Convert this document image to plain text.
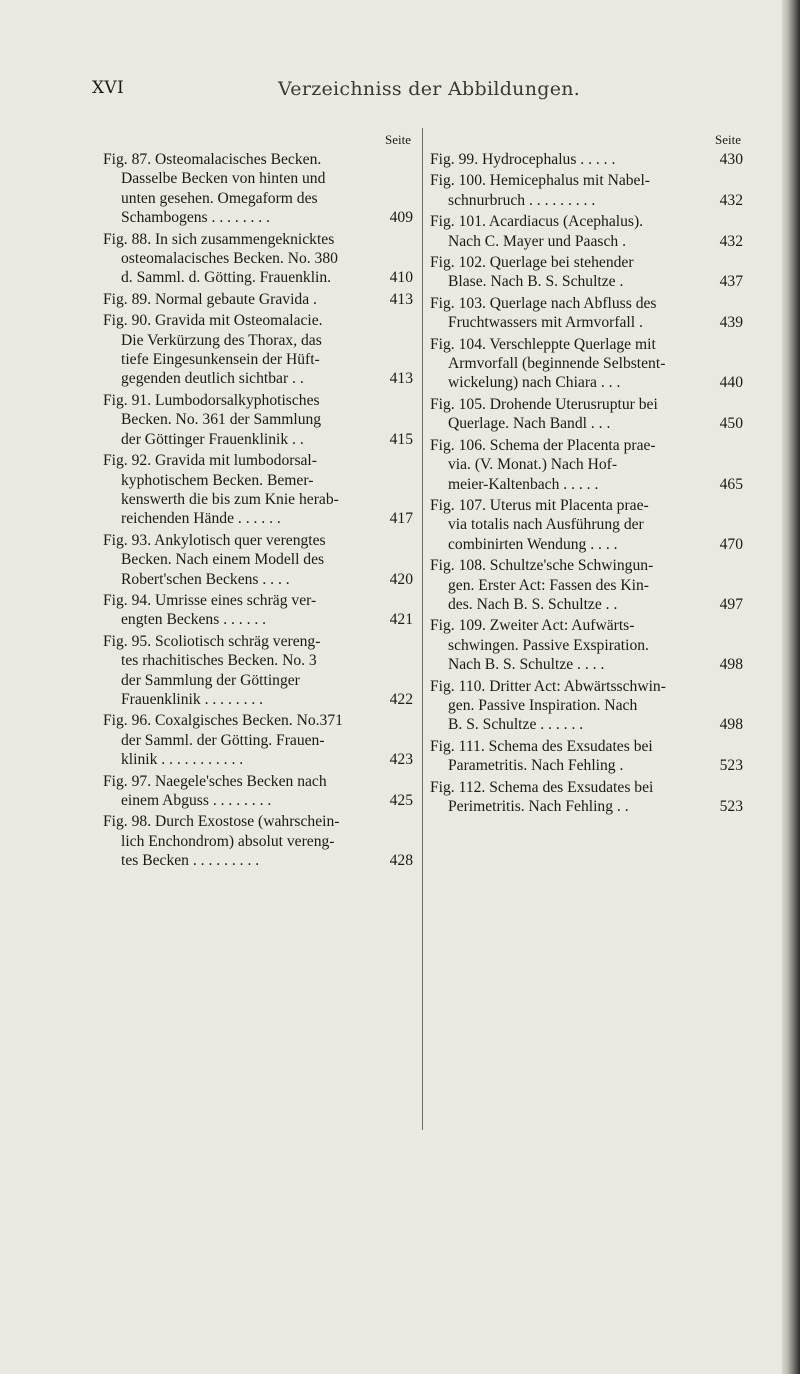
XVI	Verzeichniss der Abbildungen.
Seite
Fig. 87. Osteomalacisches Becken.
Dasselbe Becken von hinten und
unten gesehen. Omegaform des
Schambogens . . . . . . . .	409
Fig. 88. In sich zusammengeknicktes
osteomalacisches Becken. No. 380
d. Samml. d. Götting. Frauenklin.	410
Fig. 89. Normal gebaute Gravida .	413
Fig. 90. Gravida mit Osteomalacie.
Die Verkürzung des Thorax, das
tiefe Eingesunkensein der Hüft-
gegenden deutlich sichtbar . .	413
Fig. 91. Lumbodorsalkyphotisches
Becken. No. 361 der Sammlung
der Göttinger Frauenklinik . .	415
Fig. 92. Gravida mit lumbodorsal-
kyphotischem Becken. Bemer-
kenswerth die bis zum Knie herab-
reichenden Hände . . . . . .	417
Fig. 93. Ankylotisch quer verengtes
Becken. Nach einem Modell des
Robert'schen Beckens . . . .	420
Fig. 94. Umrisse eines schräg ver-
engten Beckens . . . . . .	421
Fig. 95. Scoliotisch schräg vereng-
tes rhachitisches Becken. No. 3
der Sammlung der Göttinger
Frauenklinik . . . . . . . .	422
Fig. 96. Coxalgisches Becken. No.371
der Samml. der Götting. Frauen-
klinik . . . . . . . . . . .	423
Fig. 97. Naegele'sches Becken nach
einem Abguss . . . . . . . .	425
Fig. 98. Durch Exostose (wahrschein-
lich Enchondrom) absolut vereng-
tes Becken . . . . . . . . .	428
Seite
Fig. 99. Hydrocephalus . . . . .	430
Fig. 100. Hemicephalus mit Nabel-
schnurbruch . . . . . . . . .	432
Fig. 101. Acardiacus (Acephalus).
Nach C. Mayer und Paasch .	432
Fig. 102. Querlage bei stehender
Blase. Nach B. S. Schultze .	437
Fig. 103. Querlage nach Abfluss des
Fruchtwassers mit Armvorfall .	439
Fig. 104. Verschleppte Querlage mit
Armvorfall (beginnende Selbstent-
wickelung) nach Chiara . . .	440
Fig. 105. Drohende Uterusruptur bei
Querlage. Nach Bandl . . .	450
Fig. 106. Schema der Placenta prae-
via. (V. Monat.) Nach Hof-
meier-Kaltenbach . . . . .	465
Fig. 107. Uterus mit Placenta prae-
via totalis nach Ausführung der
combinirten Wendung . . . .	470
Fig. 108. Schultze'sche Schwingun-
gen. Erster Act: Fassen des Kin-
des. Nach B. S. Schultze . .	497
Fig. 109. Zweiter Act: Aufwärts-
schwingen. Passive Exspiration.
Nach B. S. Schultze . . . .	498
Fig. 110. Dritter Act: Abwärtsschwin-
gen. Passive Inspiration. Nach
B. S. Schultze . . . . . .	498
Fig. 111. Schema des Exsudates bei
Parametritis. Nach Fehling .	523
Fig. 112. Schema des Exsudates bei
Perimetritis. Nach Fehling . .	523
